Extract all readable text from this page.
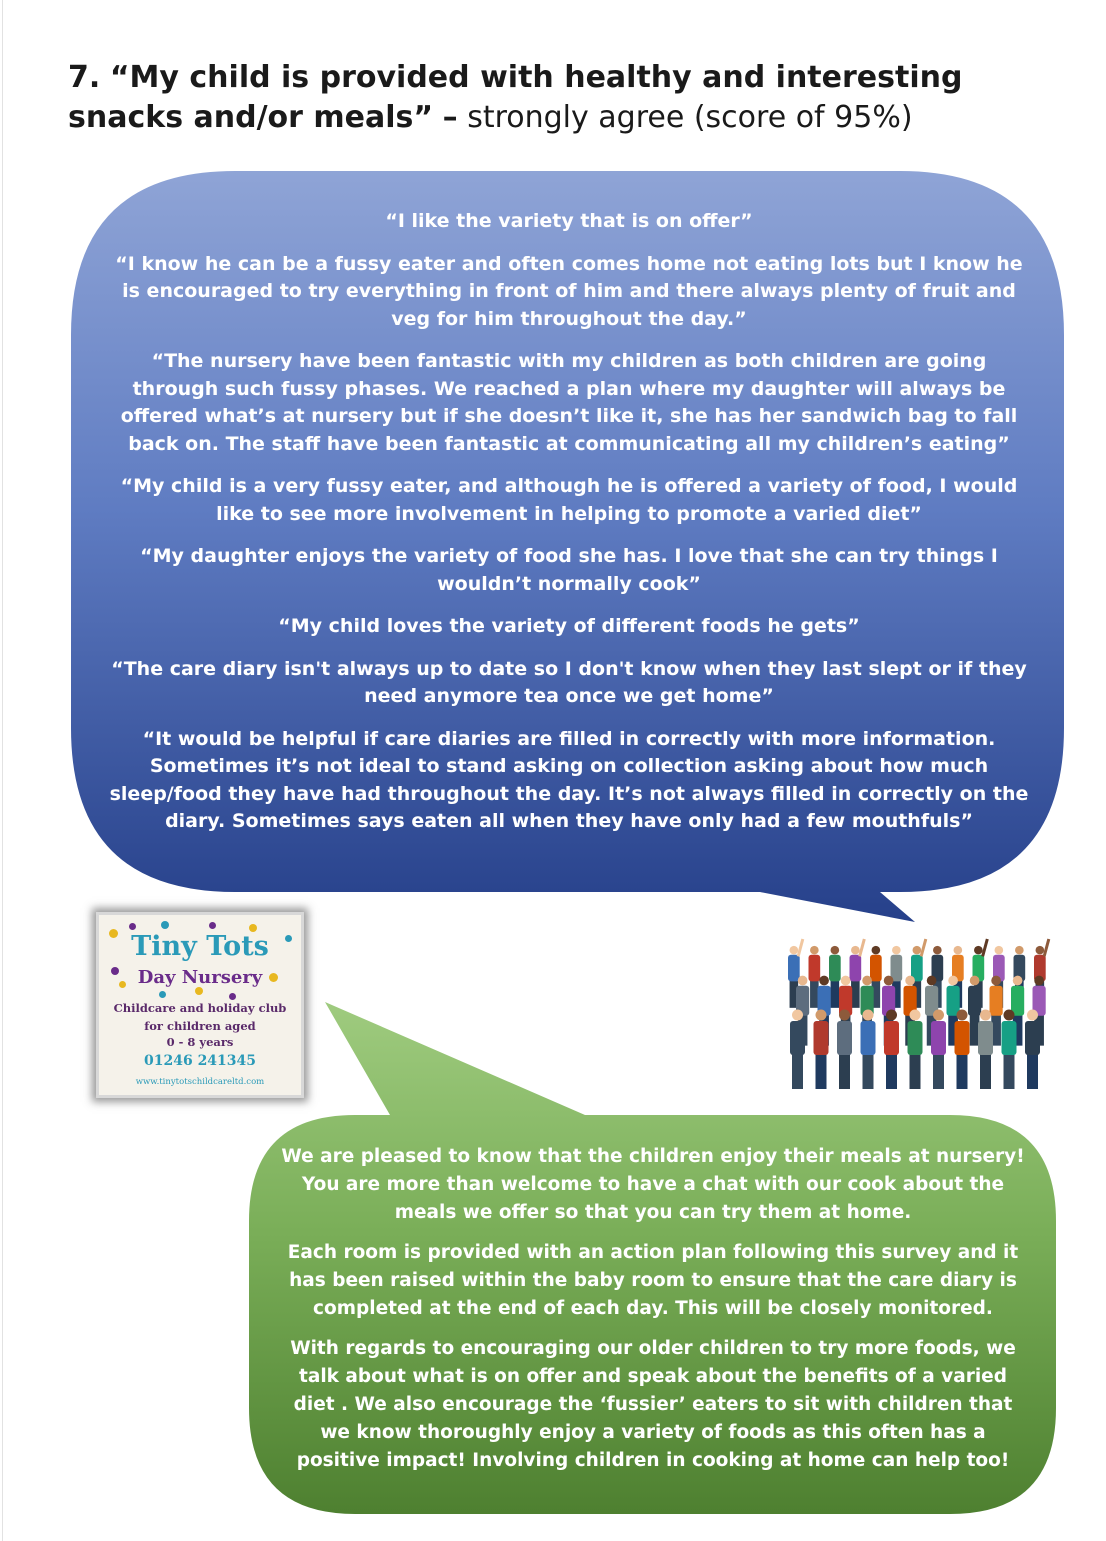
7. “My child is provided with healthy and interesting snacks and/or meals” – strongly agree (score of 95%)

“I like the variety that is on offer”

“I know he can be a fussy eater and often comes home not eating lots but I know he is encouraged to try everything in front of him and there always plenty of fruit and veg for him throughout the day.”

“The nursery have been fantastic with my children as both children are going through such fussy phases. We reached a plan where my daughter will always be offered what’s at nursery but if she doesn’t like it, she has her sandwich bag to fall back on. The staff have been fantastic at communicating all my children’s eating”

“My child is a very fussy eater, and although he is offered a variety of food, I would like to see more involvement in helping to promote a varied diet”

“My daughter enjoys the variety of food she has. I love that she can try things I wouldn’t normally cook”

“My child loves the variety of different foods he gets”

“The care diary isn't always up to date so I don't know when they last slept or if they need anymore tea once we get home”

“It would be helpful if care diaries are filled in correctly with more information. Sometimes it’s not ideal to stand asking on collection asking about how much sleep/food they have had throughout the day. It’s not always filled in correctly on the diary. Sometimes says eaten all when they have only had a few mouthfuls”

Tiny Tots
Day Nursery
Childcare and holiday club
for children aged
0 - 8 years
01246 241345
www.tinytotschildcareltd.com

We are pleased to know that the children enjoy their meals at nursery! You are more than welcome to have a chat with our cook about the meals we offer so that you can try them at home.

Each room is provided with an action plan following this survey and it has been raised within the baby room to ensure that the care diary is completed at the end of each day. This will be closely monitored.

With regards to encouraging our older children to try more foods, we talk about what is on offer and speak about the benefits of a varied diet . We also encourage the ‘fussier’ eaters to sit with children that we know thoroughly enjoy a variety of foods as this often has a positive impact! Involving children in cooking at home can help too!
